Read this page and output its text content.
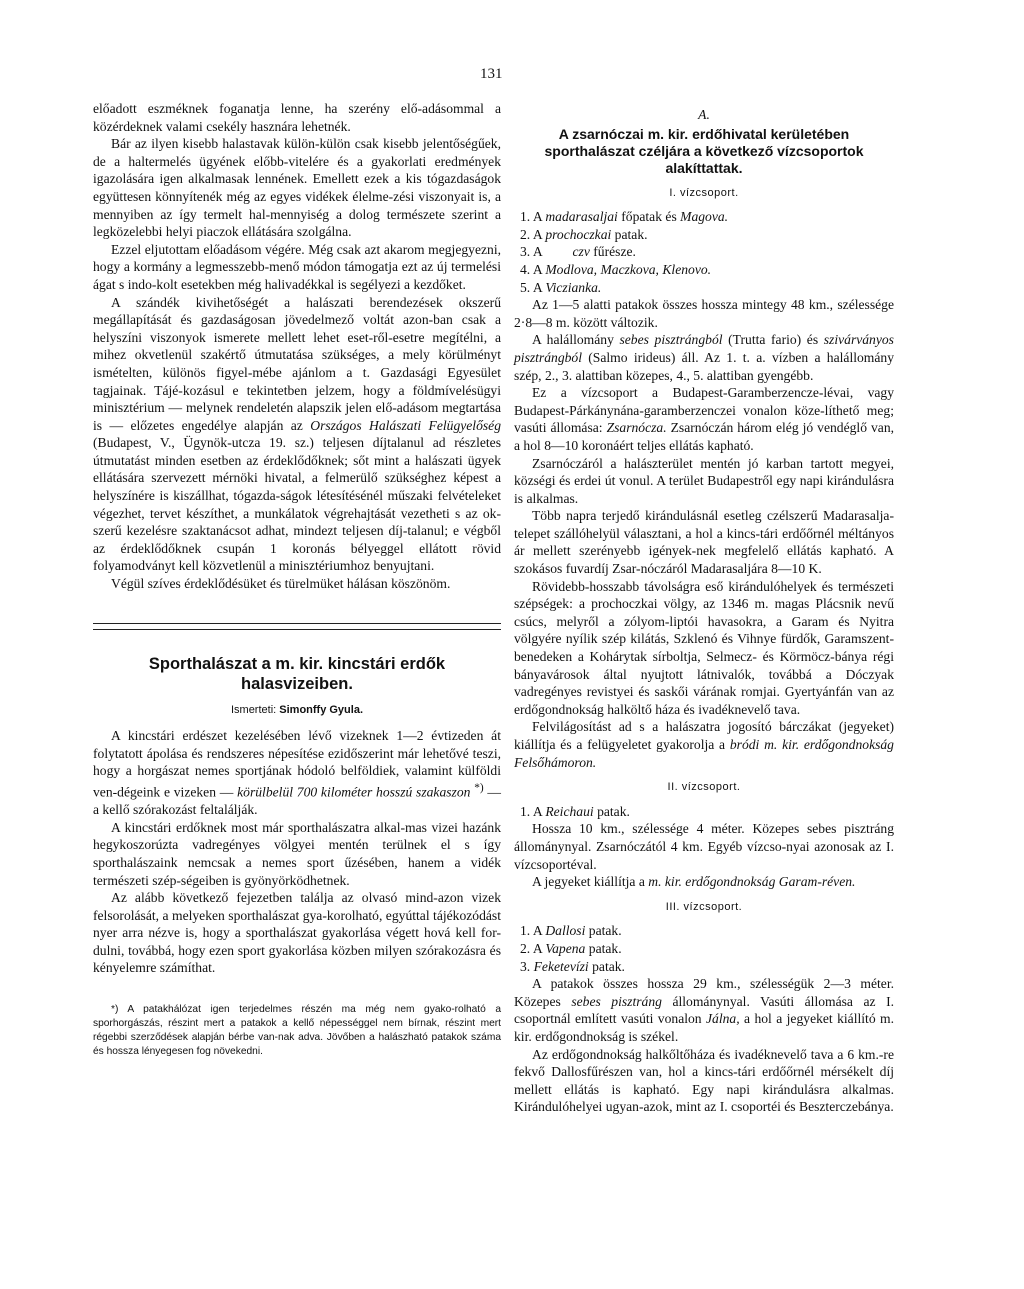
131

előadott eszméknek foganatja lenne, ha szerény elő-adásommal a közérdeknek valami csekély hasznára lehetnék.

Bár az ilyen kisebb halastavak külön-külön csak kisebb jelentőségűek, de a haltermelés ügyének előbb-vitelére és a gyakorlati eredmények igazolására igen alkalmasak lennének. Emellett ezek a kis tógazdaságok együttesen könnyítenék még az egyes vidékek élelme-zési viszonyait is, a mennyiben az így termelt hal-mennyiség a dolog természete szerint a legközelebbi helyi piaczok ellátására szolgálna.

Ezzel eljutottam előadásom végére. Még csak azt akarom megjegyezni, hogy a kormány a legmesszebb-menő módon támogatja ezt az új termelési ágat s indo-kolt esetekben még halivadékkal is segélyezi a kezdőket.

A szándék kivihetőségét a halászati berendezések okszerű megállapítását és gazdaságosan jövedelmező voltát azon-ban csak a helyszíni viszonyok ismerete mellett lehet eset-ről-esetre megítélni, a mihez okvetlenül szakértő útmutatása szükséges, a mely körülményt ismételten, különös figyel-mébe ajánlom a t. Gazdasági Egyesület tagjainak. Tájé-kozásul e tekintetben jelzem, hogy a földmívelésügyi minisztérium — melynek rendeletén alapszik jelen elő-adásom megtartása is — előzetes engedélye alapján az Országos Halászati Felügyelőség (Budapest, V., Ügynök-utcza 19. sz.) teljesen díjtalanul ad részletes útmutatást minden esetben az érdeklődőknek; sőt mint a halászati ügyek ellátására szervezett mérnöki hivatal, a felmerülő szükséghez képest a helyszínére is kiszállhat, tógazda-ságok létesítésénél műszaki felvételeket végezhet, tervet készíthet, a munkálatok végrehajtását vezetheti s az ok-szerű kezelésre szaktanácsot adhat, mindezt teljesen díj-talanul; e végből az érdeklődőknek csupán 1 koronás bélyeggel ellátott rövid folyamodványt kell közvetlenül a minisztériumhoz benyujtani.

Végül szíves érdeklődésüket és türelmüket hálásan köszönöm.

Sporthalászat a m. kir. kincstári erdők halasvizeiben.
Ismerteti: Simonffy Gyula.

A kincstári erdészet kezelésében lévő vizeknek 1—2 évtizeden át folytatott ápolása és rendszeres népesítése ezidőszerint már lehetővé teszi, hogy a horgászat nemes sportjának hódoló belföldiek, valamint külföldi ven-dégeink e vizeken — körülbelül 700 kilométer hosszú szakaszon *) — a kellő szórakozást feltalálják.

A kincstári erdőknek most már sporthalászatra alkal-mas vizei hazánk hegykoszorúzta vadregényes völgyei mentén terülnek el s így sporthalászaink nemcsak a nemes sport űzésében, hanem a vidék természeti szép-ségeiben is gyönyörködhetnek.

Az alább következő fejezetben találja az olvasó mind-azon vizek felsorolását, a melyeken sporthalászat gya-korolható, egyúttal tájékozódást nyer arra nézve is, hogy a sporthalászat gyakorlása végett hová kell for-dulni, továbbá, hogy ezen sport gyakorlása közben milyen szórakozásra és kényelemre számíthat.

*) A patakhálózat igen terjedelmes részén ma még nem gyako-rolható a sporhorgászás, részint mert a patakok a kellő népességgel nem bírnak, részint mert régebbi szerződések alapján bérbe van-nak adva. Jövőben a halászható patakok száma és hossza lényegesen fog növekedni.
A.
A zsarnóczai m. kir. erdőhivatal kerületében sporthalászat czéljára a következő vízcsoportok alakíttattak.
I. vízcsoport.
1. A madarasaljai főpatak és Magova.
2. A prochoczkai patak.
3. A czv fűrésze.
4. A Modlova, Maczkova, Klenovo.
5. A Viczianka.

Az 1—5 alatti patakok összes hossza mintegy 48 km., szélessége 2·8—8 m. között változik.

A halállomány sebes pisztrángból (Trutta fario) és szivárványos pisztrángból (Salmo irideus) áll. Az 1. t. a. vízben a halállomány szép, 2., 3. alattiban közepes, 4., 5. alattiban gyengébb.

Ez a vízcsoport a Budapest-Garamberzencze-lévai, vagy Budapest-Párkánynána-garamberzenczei vonalon köze-líthető meg; vasúti állomása: Zsarnócza. Zsarnóczán három elég jó vendéglő van, a hol 8—10 koronáért teljes ellátás kapható.

Zsarnóczáról a halászterület mentén jó karban tartott megyei, községi és erdei út vonul. A terület Budapestről egy napi kirándulásra is alkalmas.

Több napra terjedő kirándulásnál esetleg czélszerű Madarasalja-telepet szállóhelyül választani, a hol a kincs-tári erdőőrnél méltányos ár mellett szerényebb igények-nek megfelelő ellátás kapható. A szokásos fuvardíj Zsar-nóczáról Madarasaljára 8—10 K.

Rövidebb-hosszabb távolságra eső kirándulóhelyek és természeti szépségek: a prochoczkai völgy, az 1346 m. magas Plácsnik nevű csúcs, melyről a zólyom-liptói havasokra, a Garam és Nyitra völgyére nyílik szép kilátás, Szklenó és Vihnye fürdők, Garamszent-benedeken a Kohárytak sírboltja, Selmecz- és Körmöcz-bánya régi bányavárosok által nyujtott látnivalók, továbbá a Dóczyak vadregényes revistyei és saskői várának romjai. Gyertyánfán van az erdőgondnokság halköltő háza és ivadéknevelő tava.

Felvilágosítást ad s a halászatra jogosító bárczákat (jegyeket) kiállítja és a felügyeletet gyakorolja a bródi m. kir. erdőgondnokság Felsőhámoron.

II. vízcsoport.
1. A Reichaui patak.

Hossza 10 km., szélessége 4 méter. Közepes sebes pisztráng állománynyal. Zsarnóczától 4 km. Egyéb vízcso-nyai azonosak az I. vízcsoportéval.

A jegyeket kiállítja a m. kir. erdőgondnokság Garam-réven.

III. vízcsoport.
1. A Dallosi patak.
2. A Vapena patak.
3. Feketevízi patak.

A patakok összes hossza 29 km., szélességük 2—3 méter. Közepes sebes pisztráng állománynyal. Vasúti állomása az I. csoportnál említett vasúti vonalon Jálna, a hol a jegyeket kiállító m. kir. erdőgondnokság is székel.

Az erdőgondnokság halkőltőháza és ivadéknevelő tava a 6 km.-re fekvő Dallosfűrészen van, hol a kincs-tári erdőőrnél mérsékelt díj mellett ellátás is kapható. Egy napi kirándulásra alkalmas. Kirándulóhelyei ugyan-azok, mint az I. csoportéi és Beszterczebánya.
